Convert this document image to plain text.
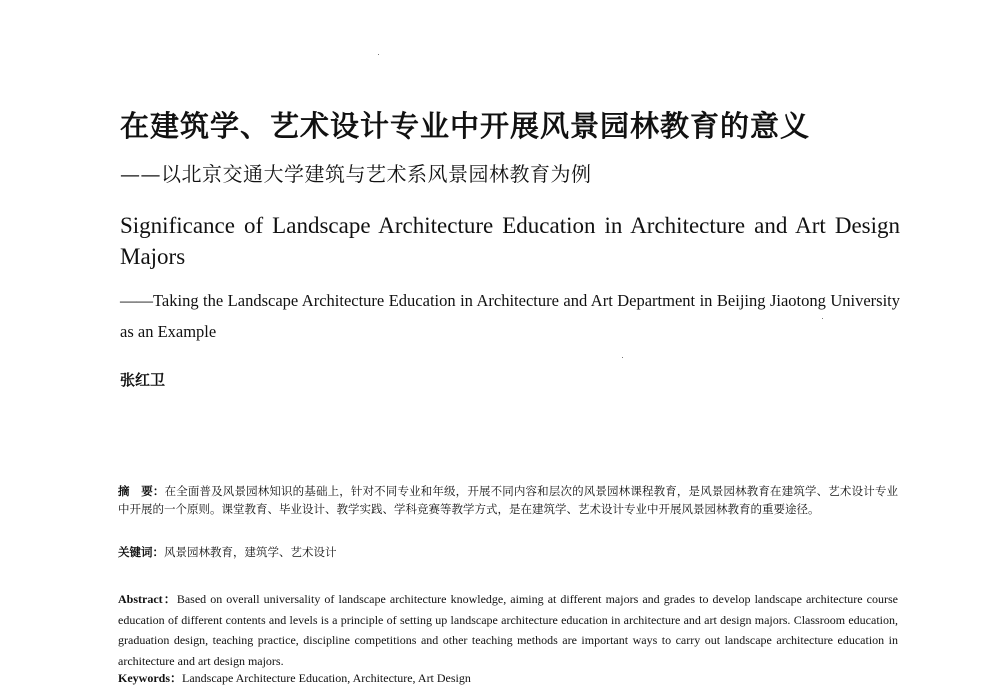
在建筑学、艺术设计专业中开展风景园林教育的意义
——以北京交通大学建筑与艺术系风景园林教育为例
Significance of Landscape Architecture Education in Architecture and Art Design Majors
——Taking the Landscape Architecture Education in Architecture and Art Department in Beijing Jiaotong University as an Example
张红卫
摘　要：在全面普及风景园林知识的基础上，针对不同专业和年级，开展不同内容和层次的风景园林课程教育，是风景园林教育在建筑学、艺术设计专业中开展的一个原则。课堂教育、毕业设计、教学实践、学科竞赛等教学方式，是在建筑学、艺术设计专业中开展风景园林教育的重要途径。
关键词：风景园林教育，建筑学、艺术设计
Abstract：Based on overall universality of landscape architecture knowledge, aiming at different majors and grades to develop landscape architecture course education of different contents and levels is a principle of setting up landscape architecture education in architecture and art design majors. Classroom education, graduation design, teaching practice, discipline competitions and other teaching methods are important ways to carry out landscape architecture education in architecture and art design majors.
Keywords：Landscape Architecture Education, Architecture, Art Design
